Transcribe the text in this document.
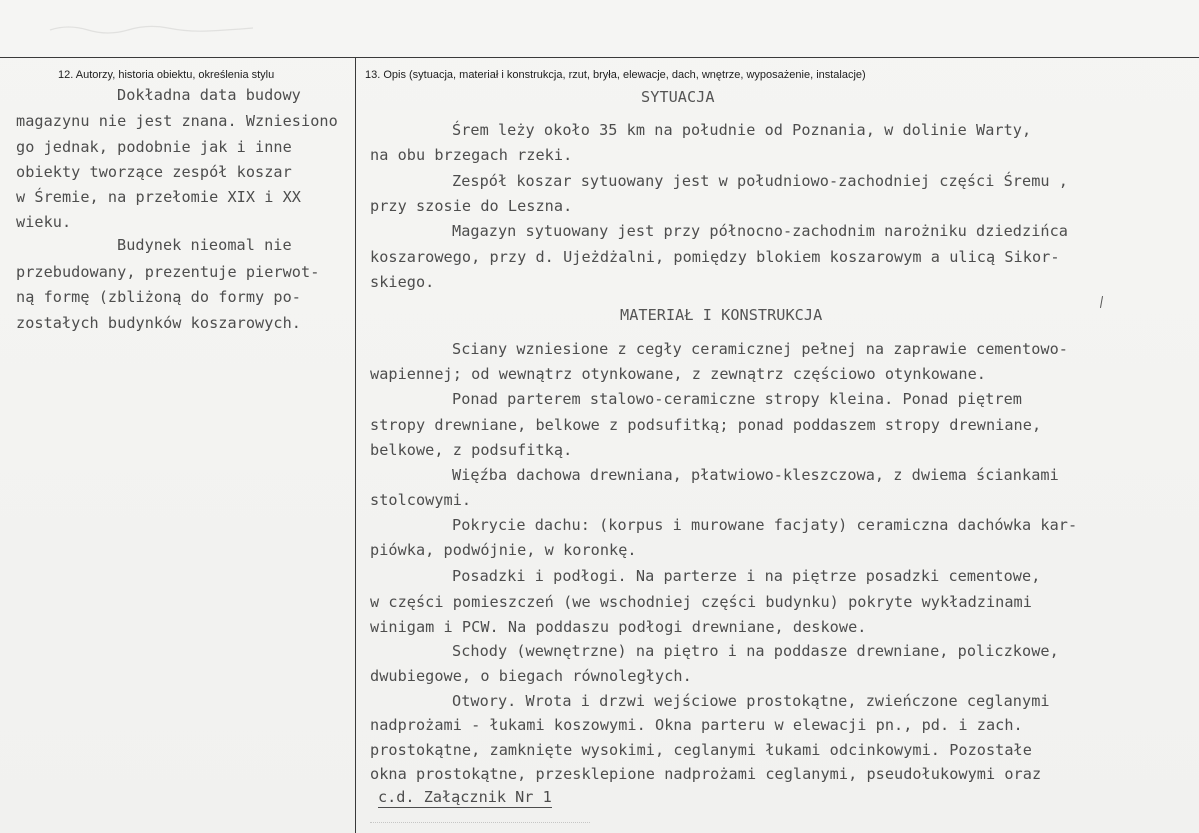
12. Autorzy, historia obiektu, określenia stylu	13. Opis (sytuacja, materiał i konstrukcja, rzut, bryła, elewacje, dach, wnętrze, wyposażenie, instalacje)
Dokładna data budowy
magazynu nie jest znana. Wzniesiono
go jednak, podobnie jak i inne
obiekty tworzące zespół koszar
w Śremie, na przełomie XIX i XX
wieku.
Budynek nieomal nie
przebudowany, prezentuje pierwot-
ną formę (zbliżoną do formy po-
zostałych budynków koszarowych.
SYTUACJA
Śrem leży około 35 km na południe od Poznania, w dolinie Warty,
na obu brzegach rzeki.
Zespół koszar sytuowany jest w południowo-zachodniej części Śremu ,
przy szosie do Leszna.
Magazyn sytuowany jest przy północno-zachodnim narożniku dziedzińca
koszarowego, przy d. Ujeżdżalni, pomiędzy blokiem koszarowym a ulicą Sikor-
skiego.
MATERIAŁ I KONSTRUKCJA
Sciany wzniesione z cegły ceramicznej pełnej na zaprawie cementowo-
wapiennej; od wewnątrz otynkowane, z zewnątrz częściowo otynkowane.
Ponad parterem stalowo-ceramiczne stropy kleina. Ponad piętrem
stropy drewniane, belkowe z podsufitką; ponad poddaszem stropy drewniane,
belkowe, z podsufitką.
Więźba dachowa drewniana, płatwiowo-kleszczowa, z dwiema ściankami
stolcowymi.
Pokrycie dachu: (korpus i murowane facjaty) ceramiczna dachówka kar-
piówka, podwójnie, w koronkę.
Posadzki i podłogi. Na parterze i na piętrze posadzki cementowe,
w części pomieszczeń (we wschodniej części budynku) pokryte wykładzinami
winigam i PCW. Na poddaszu podłogi drewniane, deskowe.
Schody (wewnętrzne) na piętro i na poddasze drewniane, policzkowe,
dwubiegowe, o biegach równoległych.
Otwory. Wrota i drzwi wejściowe prostokątne, zwieńczone ceglanymi
nadprożami - łukami koszowymi. Okna parteru w elewacji pn., pd. i zach.
prostokątne, zamknięte wysokimi, ceglanymi łukami odcinkowymi. Pozostałe
okna prostokątne, przesklepione nadprożami ceglanymi, pseudołukowymi oraz
c.d. Załącznik Nr 1
